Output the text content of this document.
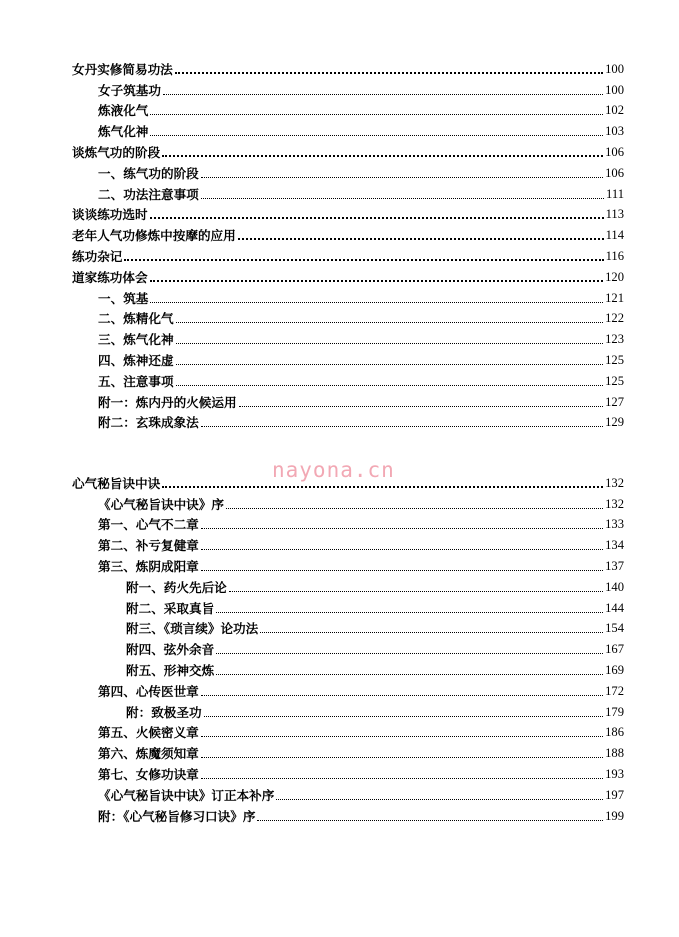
女丹实修简易功法	100
女子筑基功	100
炼液化气	102
炼气化神	103
谈炼气功的阶段	106
一、练气功的阶段	106
二、功法注意事项	111
谈谈练功选时	113
老年人气功修炼中按摩的应用	114
练功杂记	116
道家练功体会	120
一、筑基	121
二、炼精化气	122
三、炼气化神	123
四、炼神还虚	125
五、注意事项	125
附一：炼内丹的火候运用	127
附二：玄珠成象法	129
nayona.cn
心气秘旨诀中诀	132
《心气秘旨诀中诀》序	132
第一、心气不二章	133
第二、补亏复健章	134
第三、炼阴成阳章	137
附一、药火先后论	140
附二、采取真旨	144
附三、《琐言续》论功法	154
附四、弦外余音	167
附五、形神交炼	169
第四、心传医世章	172
附：致极圣功	179
第五、火候密义章	186
第六、炼魔须知章	188
第七、女修功诀章	193
《心气秘旨诀中诀》订正本补序	197
附：《心气秘旨修习口诀》序	199
